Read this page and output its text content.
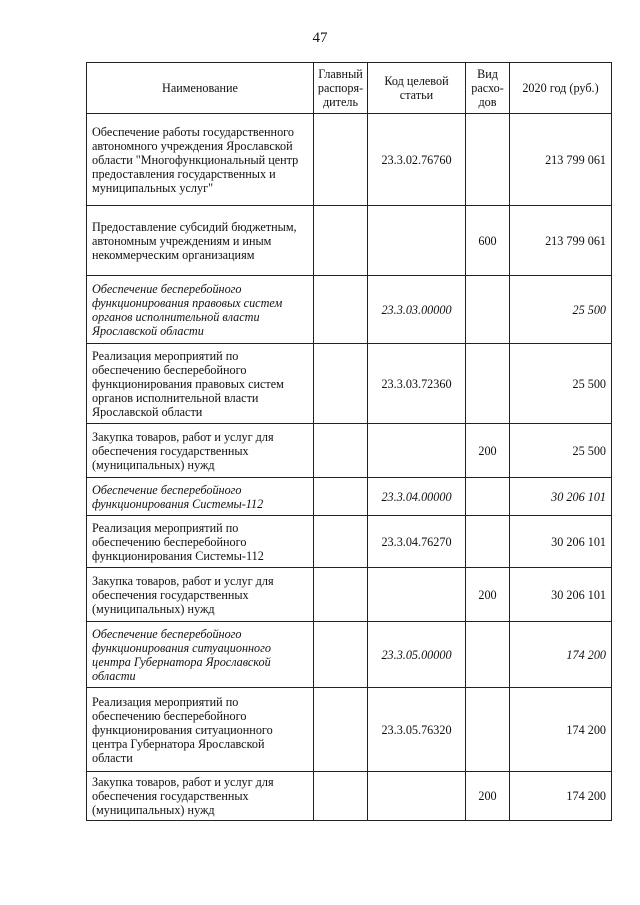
47
Наименование	Главный распоря-дитель	Код целевой статьи	Вид расхо-дов	2020 год (руб.)
Обеспечение работы государственного автономного учреждения Ярославской области "Многофункциональный центр предоставления государственных и муниципальных услуг"		23.3.02.76760		213 799 061
Предоставление субсидий бюджетным, автономным учреждениям и иным некоммерческим организациям			600	213 799 061
Обеспечение бесперебойного функционирования правовых систем органов исполнительной власти Ярославской области		23.3.03.00000		25 500
Реализация мероприятий по обеспечению бесперебойного функционирования правовых систем органов исполнительной власти Ярославской области		23.3.03.72360		25 500
Закупка товаров, работ и услуг для обеспечения государственных (муниципальных) нужд			200	25 500
Обеспечение бесперебойного функционирования Системы-112		23.3.04.00000		30 206 101
Реализация мероприятий по обеспечению бесперебойного функционирования Системы-112		23.3.04.76270		30 206 101
Закупка товаров, работ и услуг для обеспечения государственных (муниципальных) нужд			200	30 206 101
Обеспечение бесперебойного функционирования ситуационного центра Губернатора Ярославской области		23.3.05.00000		174 200
Реализация мероприятий по обеспечению бесперебойного функционирования ситуационного центра Губернатора Ярославской области		23.3.05.76320		174 200
Закупка товаров, работ и услуг для обеспечения государственных (муниципальных) нужд			200	174 200
